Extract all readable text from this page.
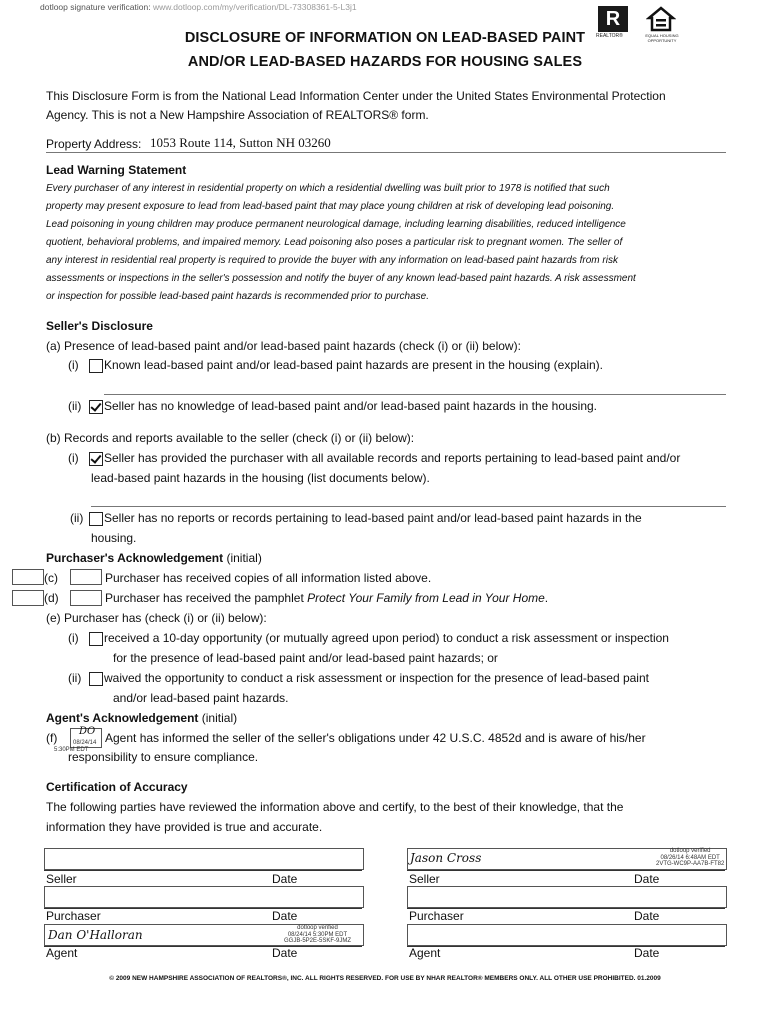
dotloop signature verification: www.dotloop.com/my/verification/DL-73308361-5-L3j1
R
REALTOR®	EQUAL HOUSING OPPORTUNITY
DISCLOSURE OF INFORMATION ON LEAD-BASED PAINT
AND/OR LEAD-BASED HAZARDS FOR HOUSING SALES
This Disclosure Form is from the National Lead Information Center under the United States Environmental Protection
Agency. This is not a New Hampshire Association of REALTORS® form.
Property Address: 1053 Route 114, Sutton NH 03260
Lead Warning Statement
Every purchaser of any interest in residential property on which a residential dwelling was built prior to 1978 is notified that such
property may present exposure to lead from lead-based paint that may place young children at risk of developing lead poisoning.
Lead poisoning in young children may produce permanent neurological damage, including learning disabilities, reduced intelligence
quotient, behavioral problems, and impaired memory. Lead poisoning also poses a particular risk to pregnant women. The seller of
any interest in residential real property is required to provide the buyer with any information on lead-based paint hazards from risk
assessments or inspections in the seller's possession and notify the buyer of any known lead-based paint hazards. A risk assessment
or inspection for possible lead-based paint hazards is recommended prior to purchase.
Seller's Disclosure
(a) Presence of lead-based paint and/or lead-based paint hazards (check (i) or (ii) below):
(i) Known lead-based paint and/or lead-based paint hazards are present in the housing (explain).
(ii) Seller has no knowledge of lead-based paint and/or lead-based paint hazards in the housing.
(b) Records and reports available to the seller (check (i) or (ii) below):
(i) Seller has provided the purchaser with all available records and reports pertaining to lead-based paint and/or
lead-based paint hazards in the housing (list documents below).
(ii) Seller has no reports or records pertaining to lead-based paint and/or lead-based paint hazards in the
housing.
Purchaser's Acknowledgement (initial)
(c)	Purchaser has received copies of all information listed above.
(d)	Purchaser has received the pamphlet Protect Your Family from Lead in Your Home.
(e) Purchaser has (check (i) or (ii) below):
(i) received a 10-day opportunity (or mutually agreed upon period) to conduct a risk assessment or inspection
for the presence of lead-based paint and/or lead-based paint hazards; or
(ii) waived the opportunity to conduct a risk assessment or inspection for the presence of lead-based paint
and/or lead-based paint hazards.
Agent's Acknowledgement (initial)
(f) DO
08/24/14
5:30PM EDT
Agent has informed the seller of the seller's obligations under 42 U.S.C. 4852d and is aware of his/her
responsibility to ensure compliance.
Certification of Accuracy
The following parties have reviewed the information above and certify, to the best of their knowledge, that the
information they have provided is true and accurate.
Seller	Date
Purchaser	Date
Dan O'Halloran	dotloop verified
08/24/14 5:30PM EDT
GGJB-5P2E-5SKF-9JMZ
Agent	Date
Jason Cross	dotloop verified
08/26/14 6:48AM EDT
2VTG-WC9P-AA7B-FT82
Seller	Date
Purchaser	Date
Agent	Date
© 2009 NEW HAMPSHIRE ASSOCIATION OF REALTORS®, INC. ALL RIGHTS RESERVED. FOR USE BY NHAR REALTOR® MEMBERS ONLY. ALL OTHER USE PROHIBITED. 01.2009
